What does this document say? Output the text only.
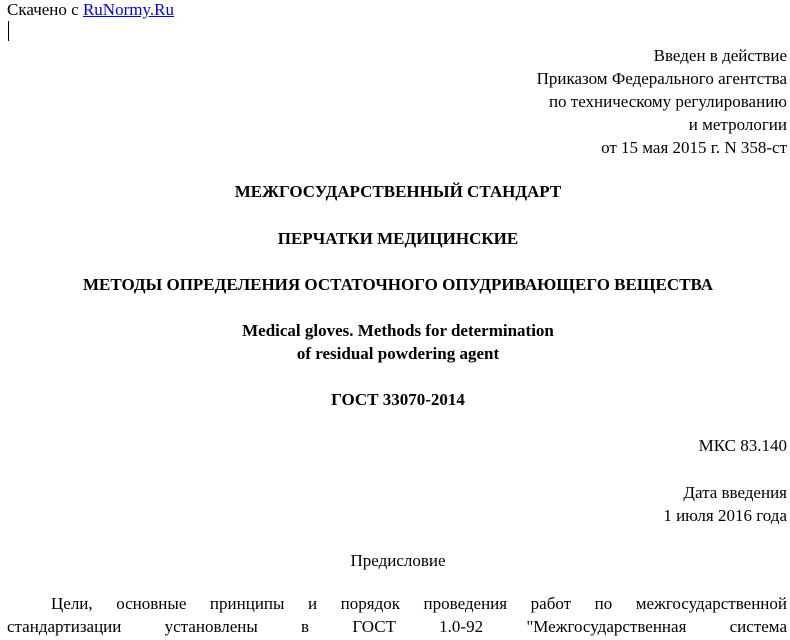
Скачено с RuNormy.Ru
Введен в действие
Приказом Федерального агентства
по техническому регулированию
и метрологии
от 15 мая 2015 г. N 358-ст
МЕЖГОСУДАРСТВЕННЫЙ СТАНДАРТ
ПЕРЧАТКИ МЕДИЦИНСКИЕ
МЕТОДЫ ОПРЕДЕЛЕНИЯ ОСТАТОЧНОГО ОПУДРИВАЮЩЕГО ВЕЩЕСТВА
Medical gloves. Methods for determination
of residual powdering agent
ГОСТ 33070-2014
МКС 83.140
Дата введения
1 июля 2016 года
Предисловие
Цели, основные принципы и порядок проведения работ по межгосударственной
стандартизации установлены в ГОСТ 1.0-92 "Межгосударственная система
